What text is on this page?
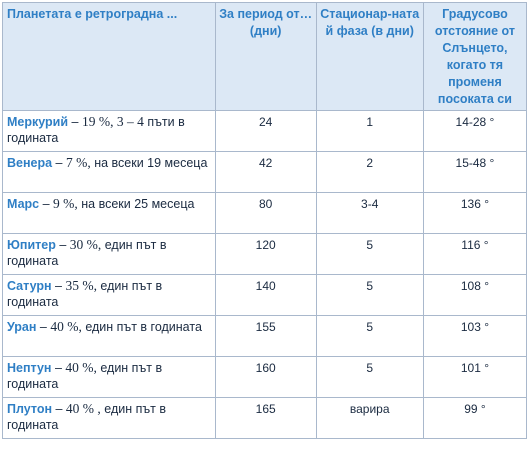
Планетата е ретроградна ...	За период от… (дни)	Стационар-ната й фаза (в дни)	Градусово отстояние от Слънцето, когато тя променя посоката си
Меркурий – 19 %, 3 – 4 пъти в годината	24	1	14-28 °
Венера – 7 %, на всеки 19 месеца	42	2	15-48 °
Марс – 9 %, на всеки 25 месеца	80	3-4	136 °
Юпитер – 30 %, един път в годината	120	5	116 °
Сатурн – 35 %, един път в годината	140	5	108 °
Уран – 40 %, един път в годината	155	5	103 °
Нептун – 40 %, един път в годината	160	5	101 °
Плутон – 40 % , един път в годината	165	варира	99 °
